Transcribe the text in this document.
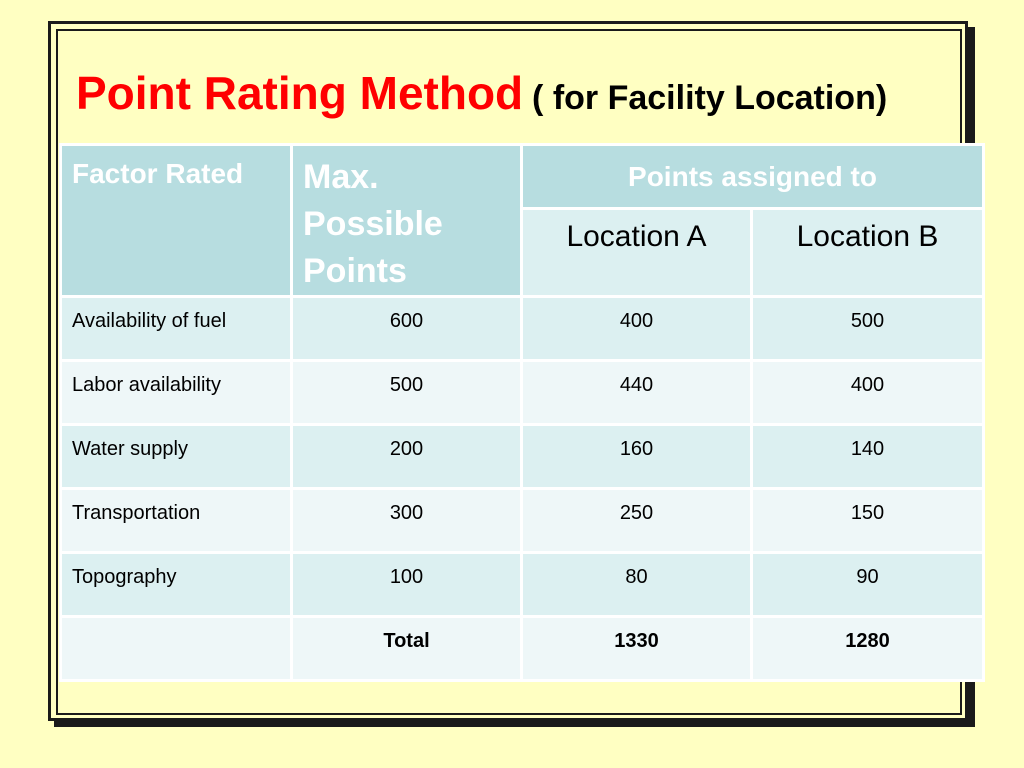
Point Rating Method ( for Facility Location)
Factor Rated	Max. Possible Points	Points assigned to	
		Location A	Location B
Availability of fuel	600	400	500
Labor availability	500	440	400
Water supply	200	160	140
Transportation	300	250	150
Topography	100	80	90
	Total	1330	1280
